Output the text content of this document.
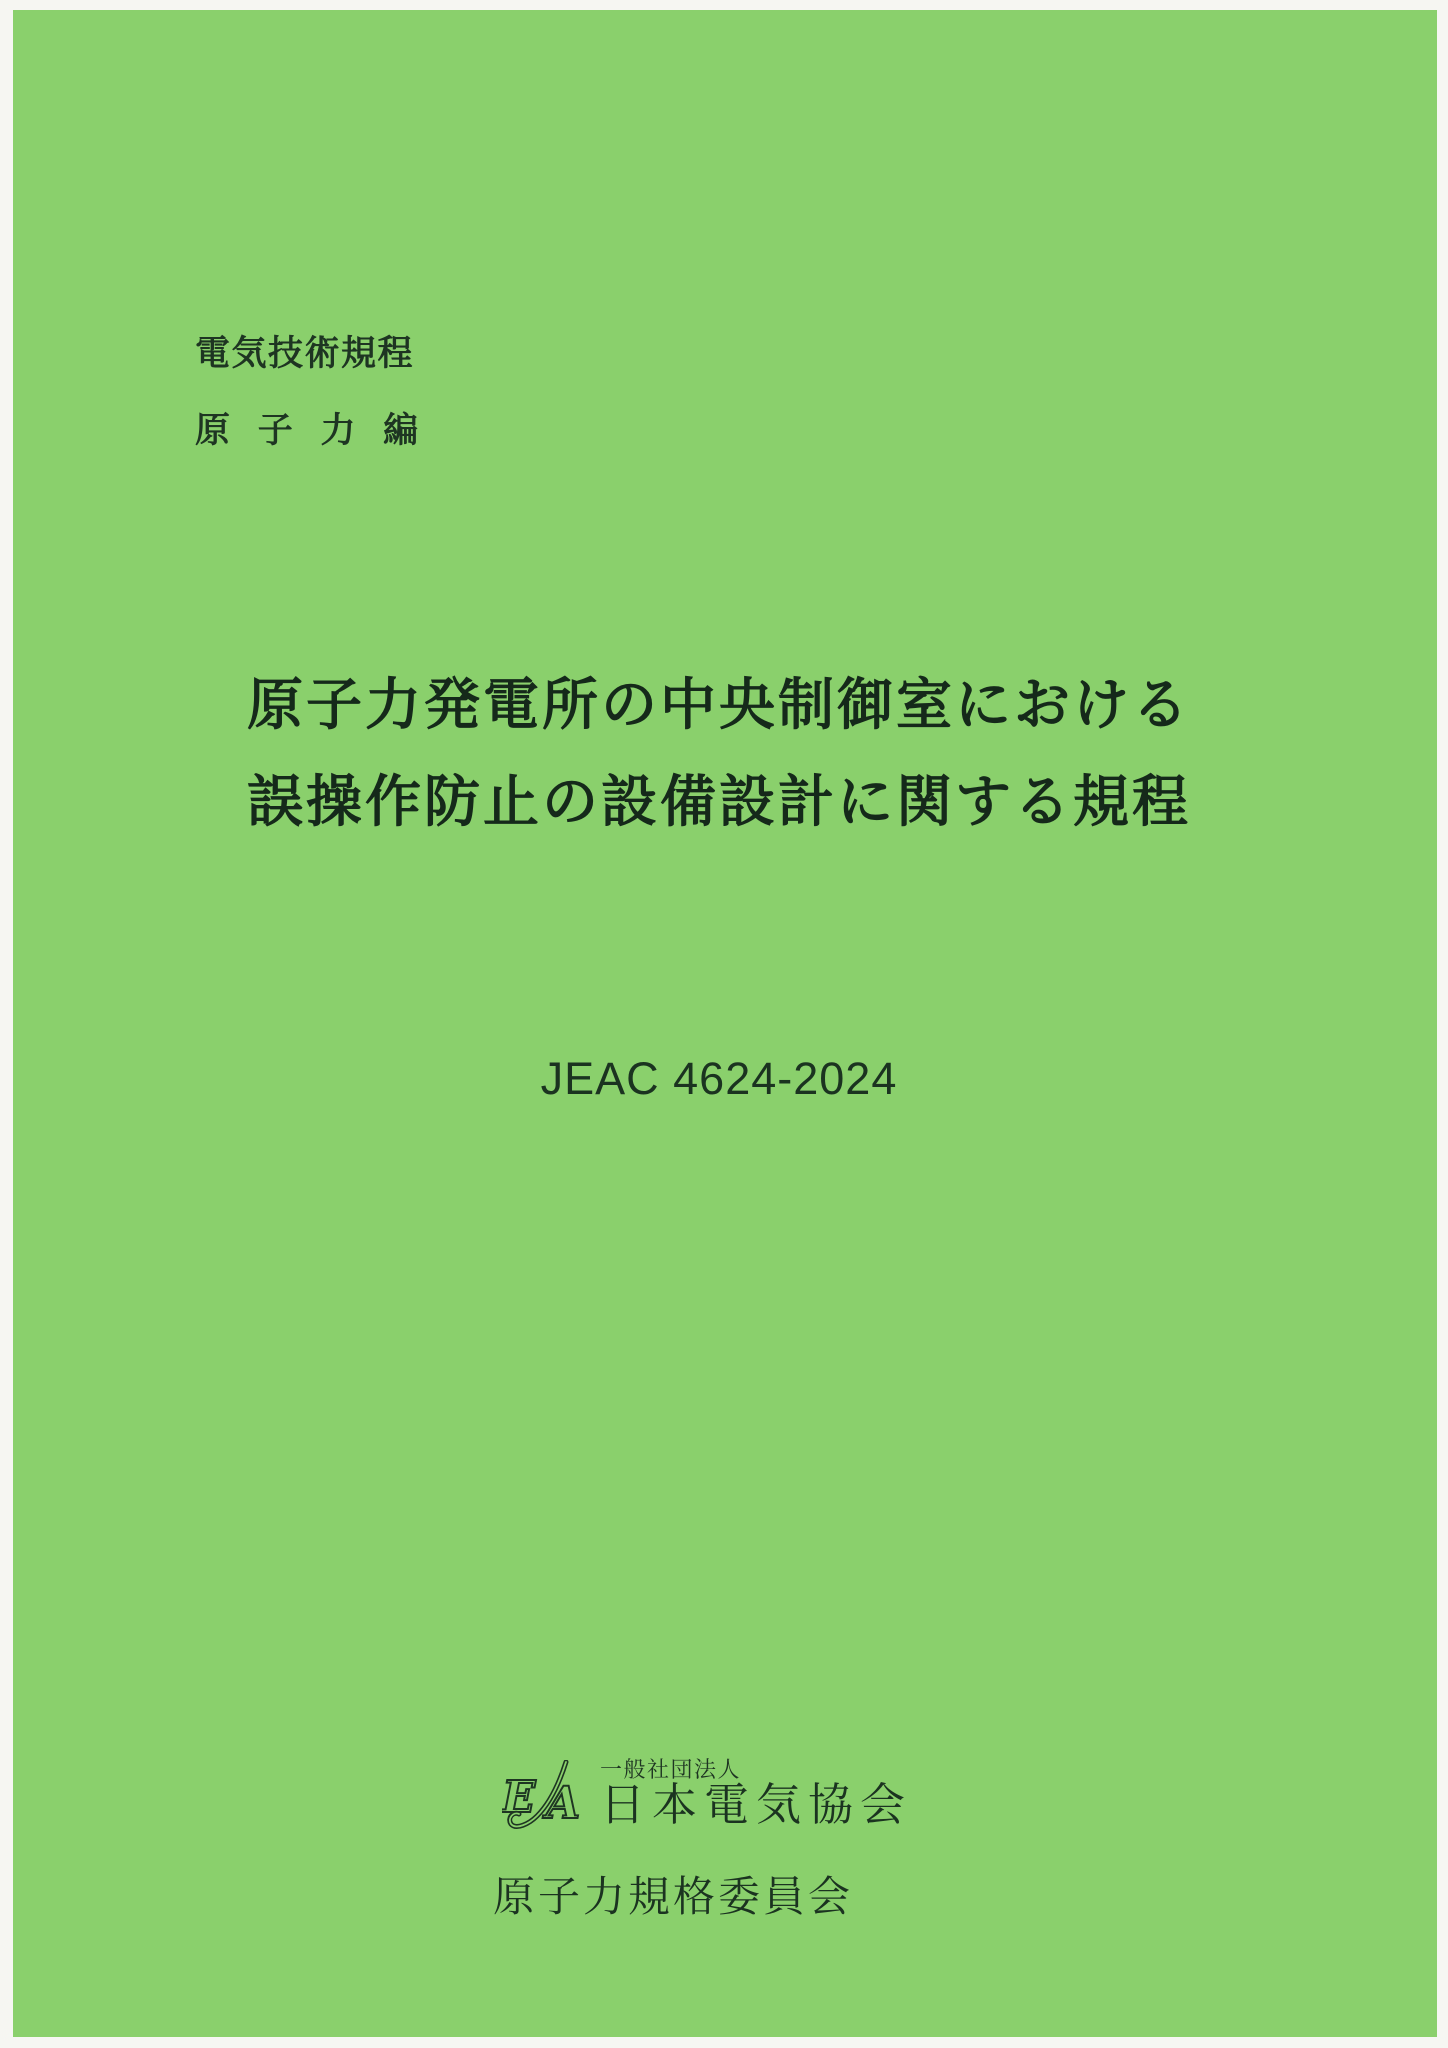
電気技術規程
原 子 力 編
原子力発電所の中央制御室における
誤操作防止の設備設計に関する規程
JEAC 4624-2024
E A
一般社団法人
日本電気協会
原子力規格委員会
